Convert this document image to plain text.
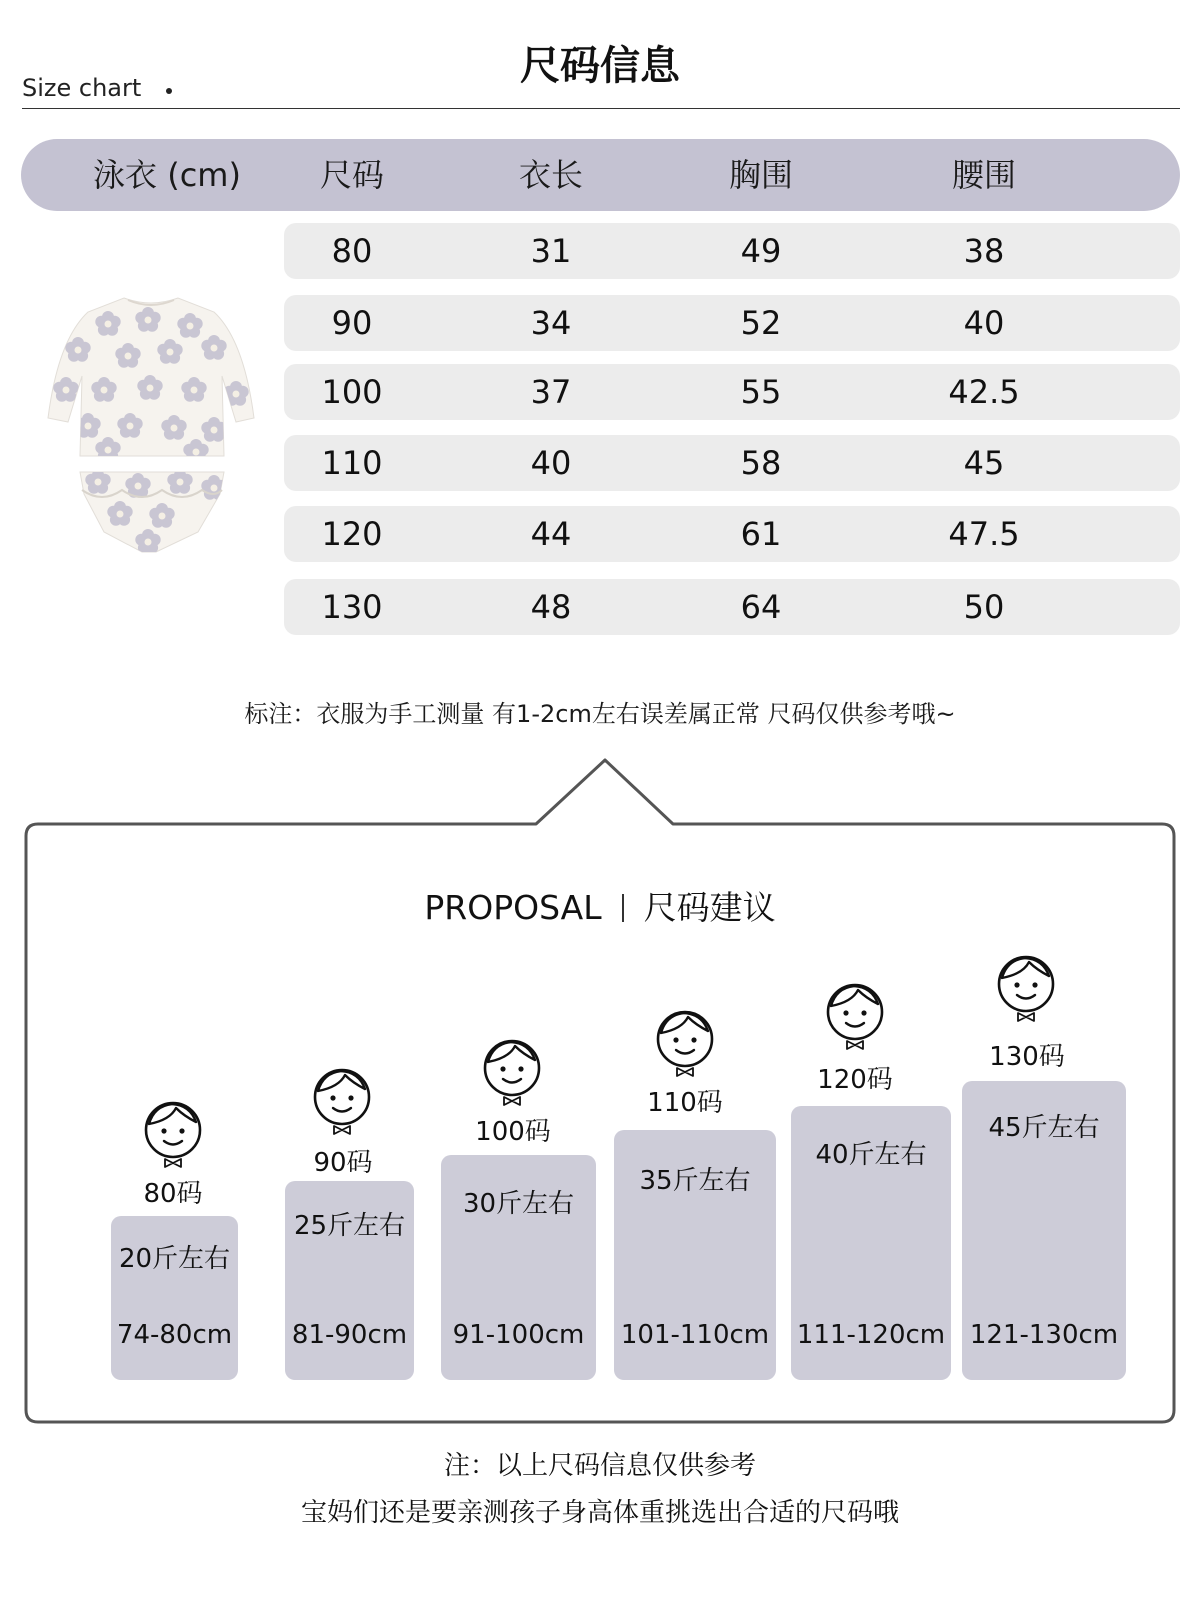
Size chart	尺码信息
泳衣 (cm) 尺码	衣长	胸围	腰围
80	31	49	38
90	34	52	40
100	37	55	42.5
110	40	58	45
120	44	61	47.5
130	48	64	50
标注：衣服为手工测量 有1-2cm左右误差属正常 尺码仅供参考哦~
PROPOSAL 尺码建议
80码
20斤左右
74-80cm
90码
25斤左右
81-90cm
100码
30斤左右
91-100cm
110码
35斤左右
101-110cm
120码
40斤左右
111-120cm
130码
45斤左右
121-130cm
注：以上尺码信息仅供参考
宝妈们还是要亲测孩子身高体重挑选出合适的尺码哦
